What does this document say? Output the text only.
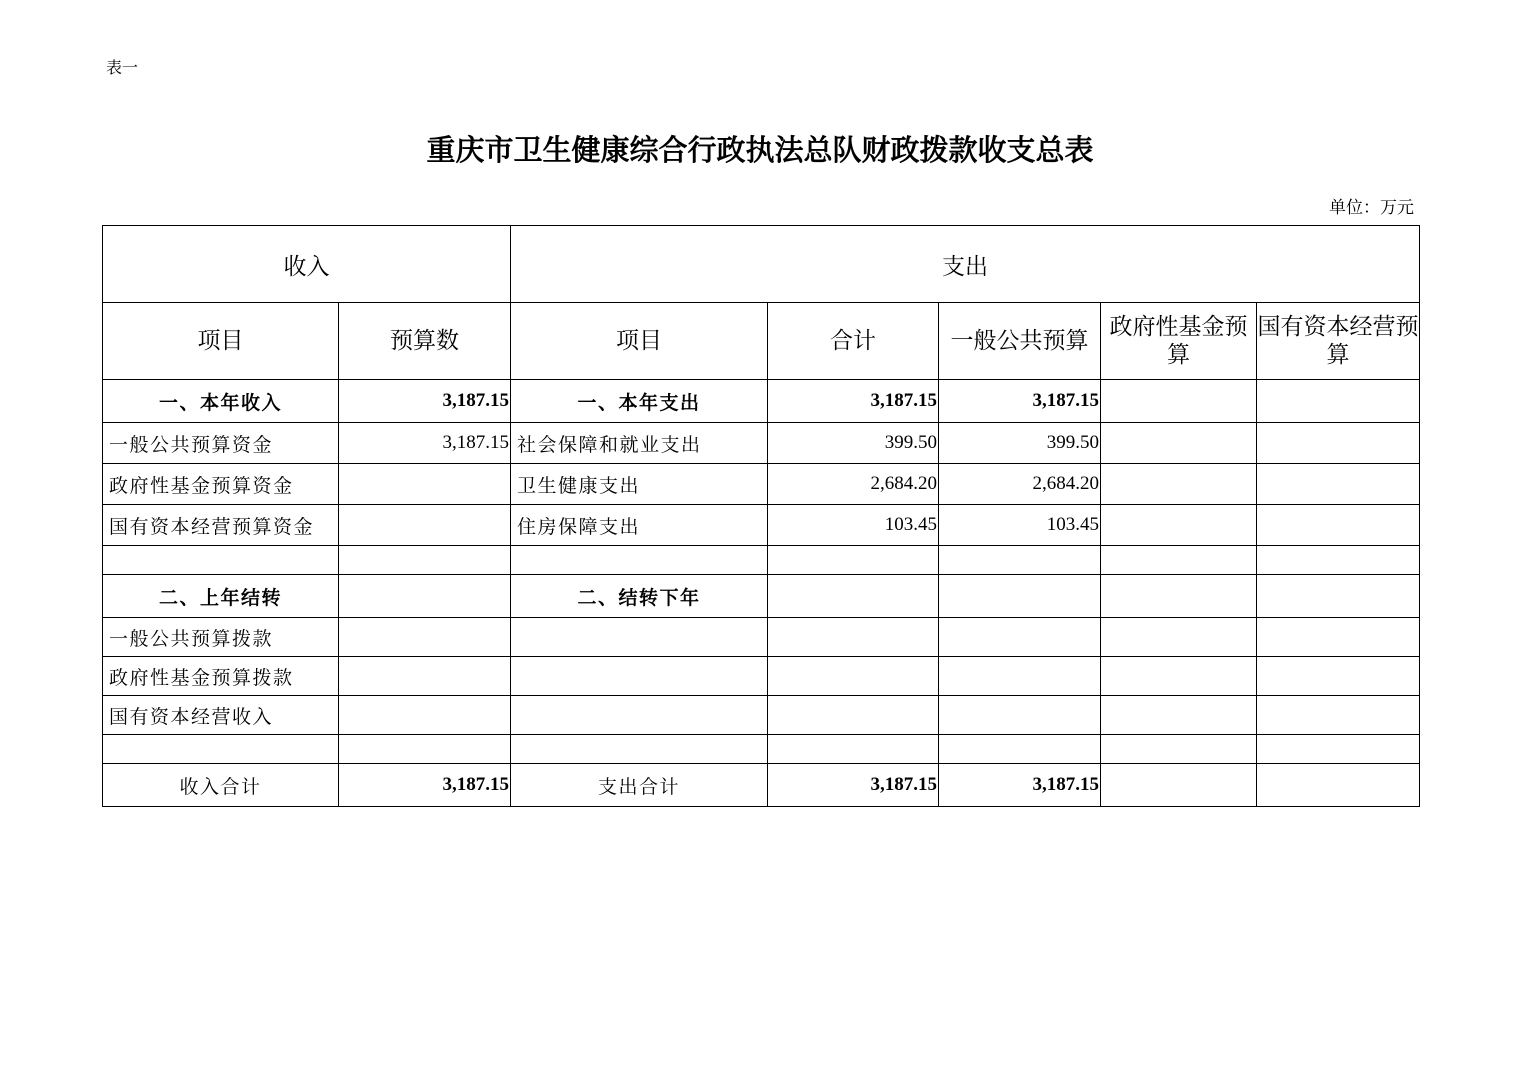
表一
重庆市卫生健康综合行政执法总队财政拨款收支总表
单位：万元
收入		支出				
项目	预算数	项目	合计	一般公共预算	政府性基金预算	国有资本经营预算
一、本年收入	3,187.15	一、本年支出	3,187.15	3,187.15		
一般公共预算资金	3,187.15	社会保障和就业支出	399.50	399.50		
政府性基金预算资金		卫生健康支出	2,684.20	2,684.20		
国有资本经营预算资金		住房保障支出	103.45	103.45		

二、上年结转		二、结转下年				
一般公共预算拨款						
政府性基金预算拨款						
国有资本经营收入						

收入合计	3,187.15	支出合计	3,187.15	3,187.15		
